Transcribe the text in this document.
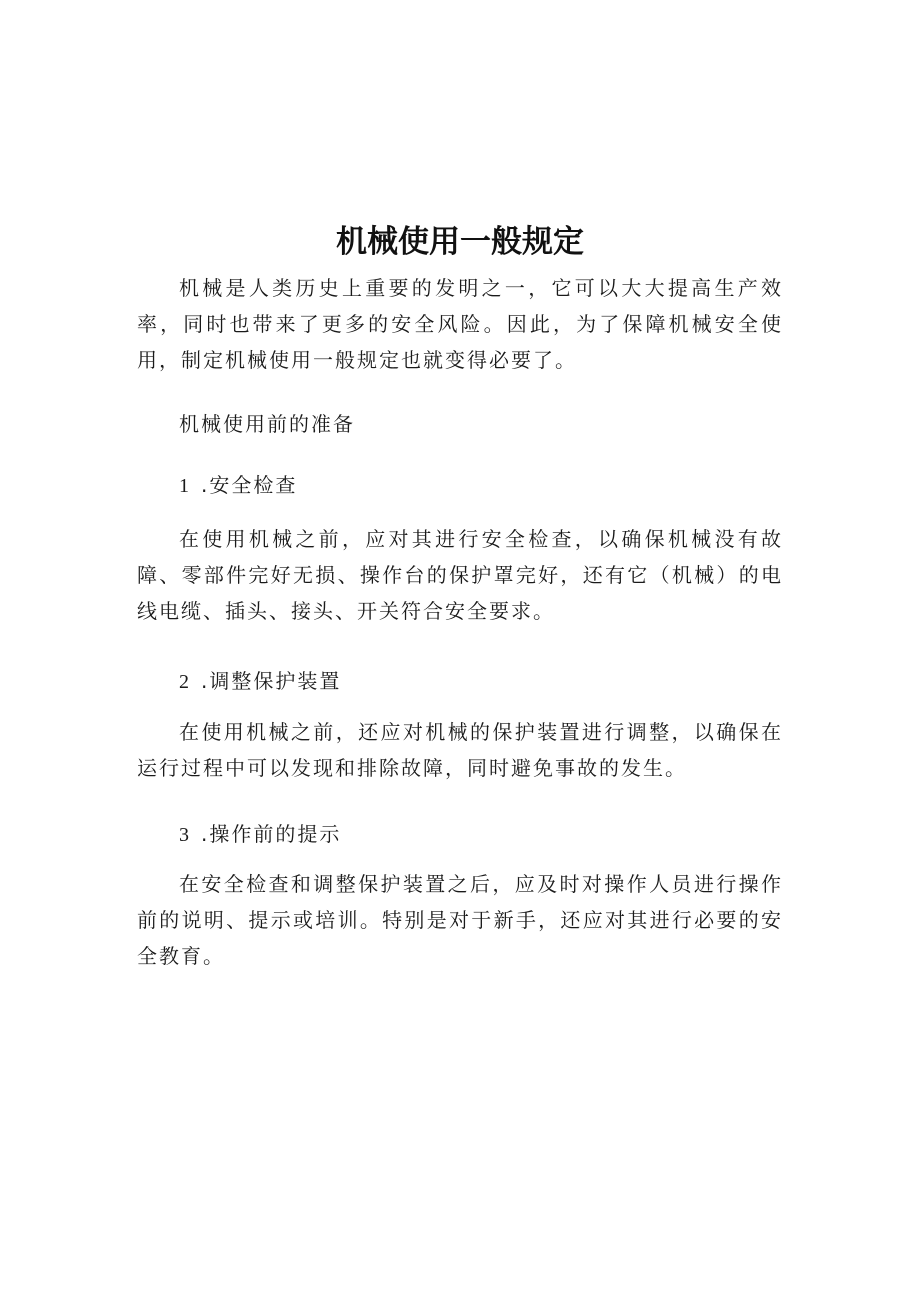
机械使用一般规定
机械是人类历史上重要的发明之一，它可以大大提高生产效率，同时也带来了更多的安全风险。因此，为了保障机械安全使用，制定机械使用一般规定也就变得必要了。
机械使用前的准备
1 .安全检查
在使用机械之前，应对其进行安全检查，以确保机械没有故障、零部件完好无损、操作台的保护罩完好，还有它（机械）的电线电缆、插头、接头、开关符合安全要求。
2 .调整保护装置
在使用机械之前，还应对机械的保护装置进行调整，以确保在运行过程中可以发现和排除故障，同时避免事故的发生。
3 .操作前的提示
在安全检查和调整保护装置之后，应及时对操作人员进行操作前的说明、提示或培训。特别是对于新手，还应对其进行必要的安全教育。
